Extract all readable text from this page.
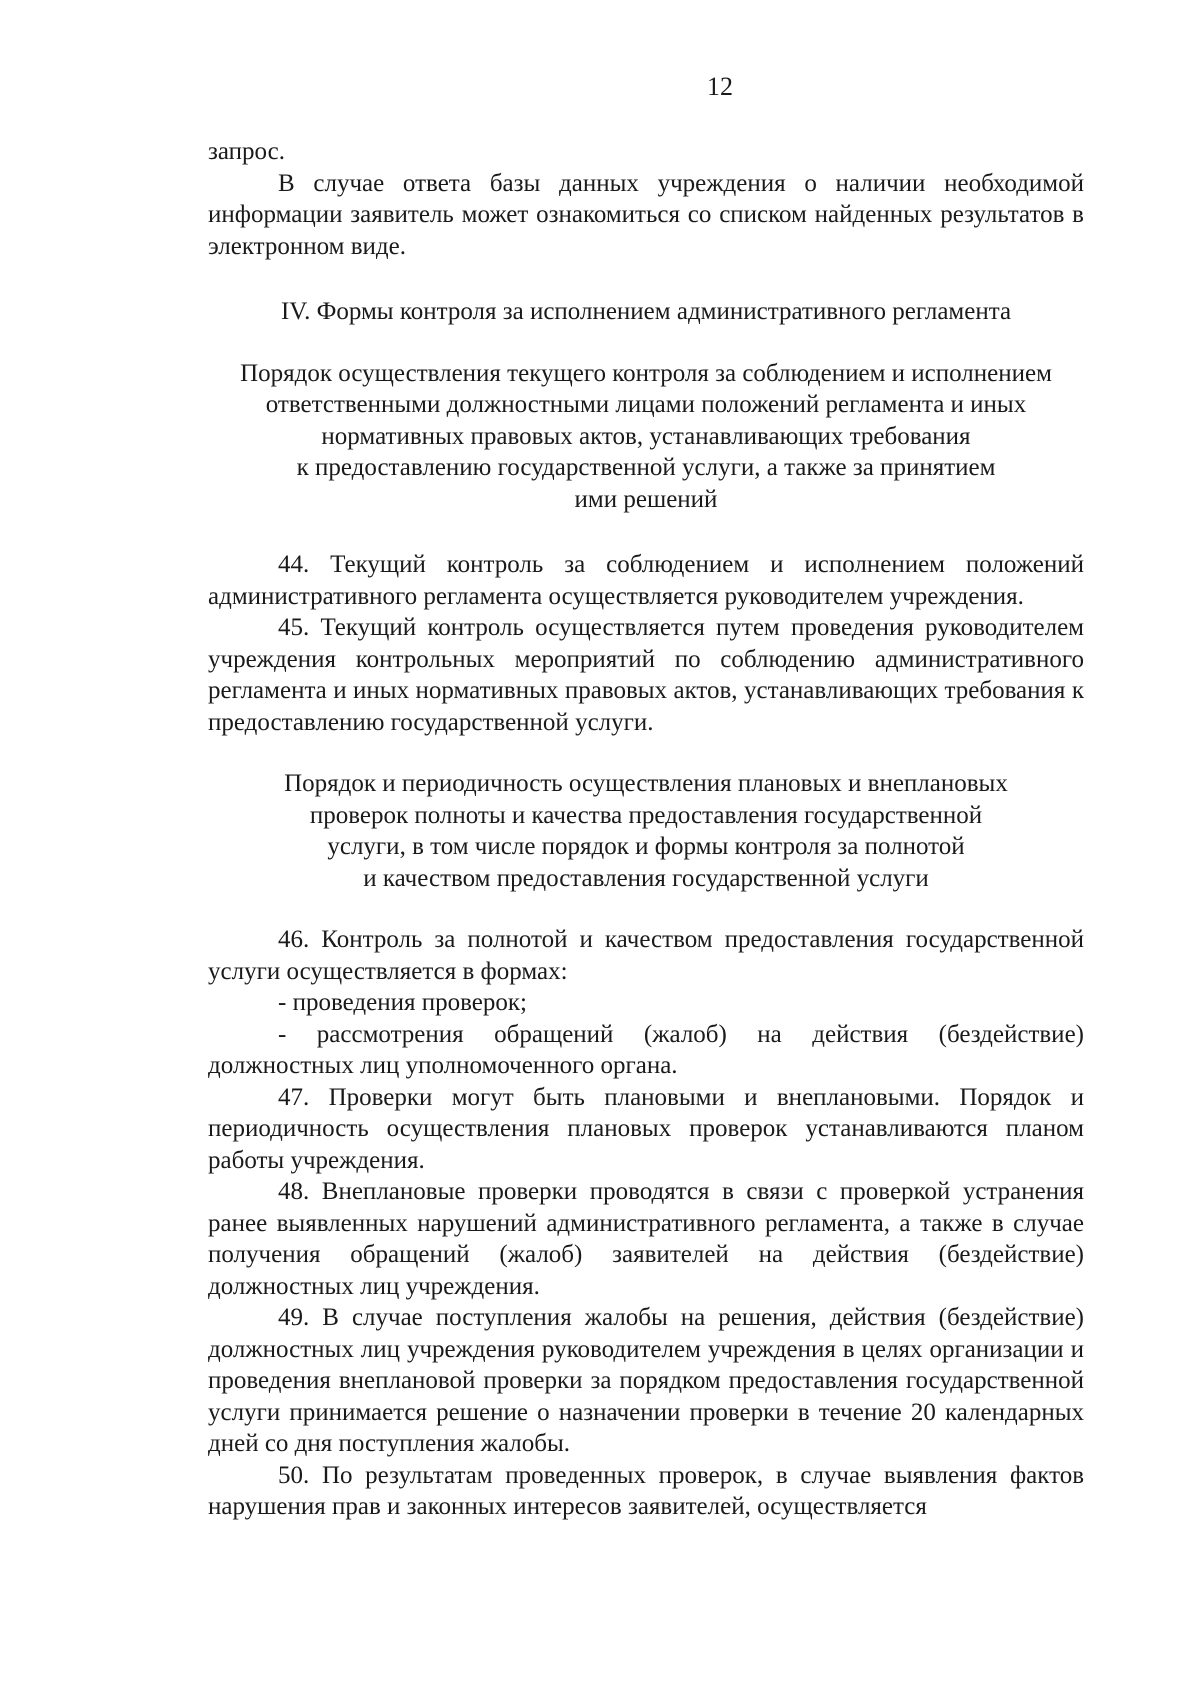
12

запрос.

В случае ответа базы данных учреждения о наличии необходимой информации заявитель может ознакомиться со списком найденных результатов в электронном виде.

IV. Формы контроля за исполнением административного регламента

Порядок осуществления текущего контроля за соблюдением и исполнением

ответственными должностными лицами положений регламента и иных

нормативных правовых актов, устанавливающих требования

к предоставлению государственной услуги, а также за принятием

ими решений

44. Текущий контроль за соблюдением и исполнением положений административного регламента осуществляется руководителем учреждения.

45. Текущий контроль осуществляется путем проведения руководителем учреждения контрольных мероприятий по соблюдению административного регламента и иных нормативных правовых актов, устанавливающих требования к предоставлению государственной услуги.

Порядок и периодичность осуществления плановых и внеплановых

проверок полноты и качества предоставления государственной

услуги, в том числе порядок и формы контроля за полнотой

и качеством предоставления государственной услуги

46. Контроль за полнотой и качеством предоставления государственной услуги осуществляется в формах:

- проведения проверок;

- рассмотрения обращений (жалоб) на действия (бездействие) должностных лиц уполномоченного органа.

47. Проверки могут быть плановыми и внеплановыми. Порядок и периодичность осуществления плановых проверок устанавливаются планом работы учреждения.

48. Внеплановые проверки проводятся в связи с проверкой устранения ранее выявленных нарушений административного регламента, а также в случае получения обращений (жалоб) заявителей на действия (бездействие) должностных лиц учреждения.

49. В случае поступления жалобы на решения, действия (бездействие) должностных лиц учреждения руководителем учреждения в целях организации и проведения внеплановой проверки за порядком предоставления государственной услуги принимается решение о назначении проверки в течение 20 календарных дней со дня поступления жалобы.

50. По результатам проведенных проверок, в случае выявления фактов нарушения прав и законных интересов заявителей, осуществляется
